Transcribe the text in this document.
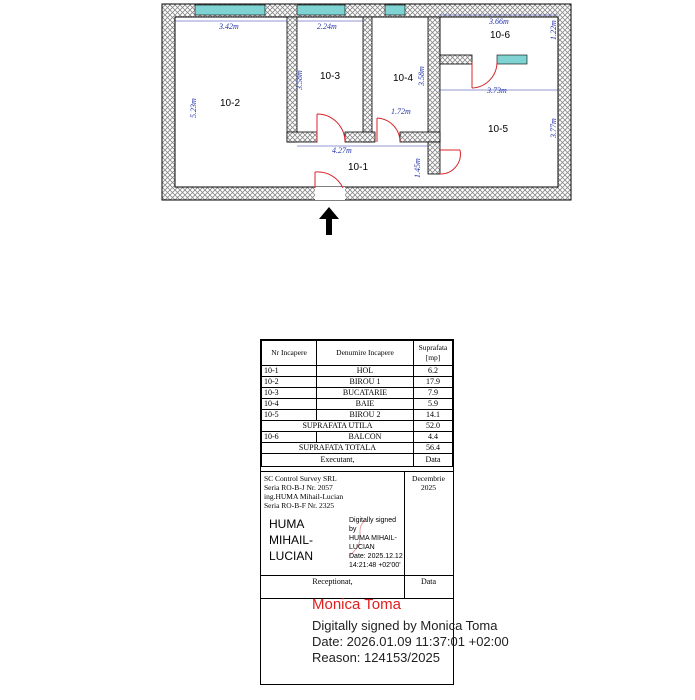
10-2
10-3	10-4
10-6
10-5
10-1
3.42m	2.24m
3.66m	1.22m
5.23m
3.58m	3.58m
3.73m
1.72m
4.27m
3.77m
1.45m
Nr Incapere	Denumire Incapere	Suprafata [mp]
10-1	HOL	6.2
10-2	BIROU 1	17.9
10-3	BUCATARIE	7.9
10-4	BAIE	5.9
10-5	BIROU 2	14.1
SUPRAFATA UTILA		52.0
10-6	BALCON	4.4
SUPRAFATA TOTALA		56.4
Executant,		Data
SC Control Survey SRL
Seria RO-B-J Nr. 2057
ing.HUMA Mihail-Lucian
Seria RO-B-F Nr. 2325
HUMA
MIHAIL-
LUCIAN
Digitally signed by
HUMA MIHAIL-
LUCIAN
Date: 2025.12.12
14:21:48 +02'00'
Decembrie
2025
Receptionat,	Data
Monica Toma
Digitally signed by Monica Toma
Date: 2026.01.09 11:37:01 +02:00
Reason: 124153/2025
